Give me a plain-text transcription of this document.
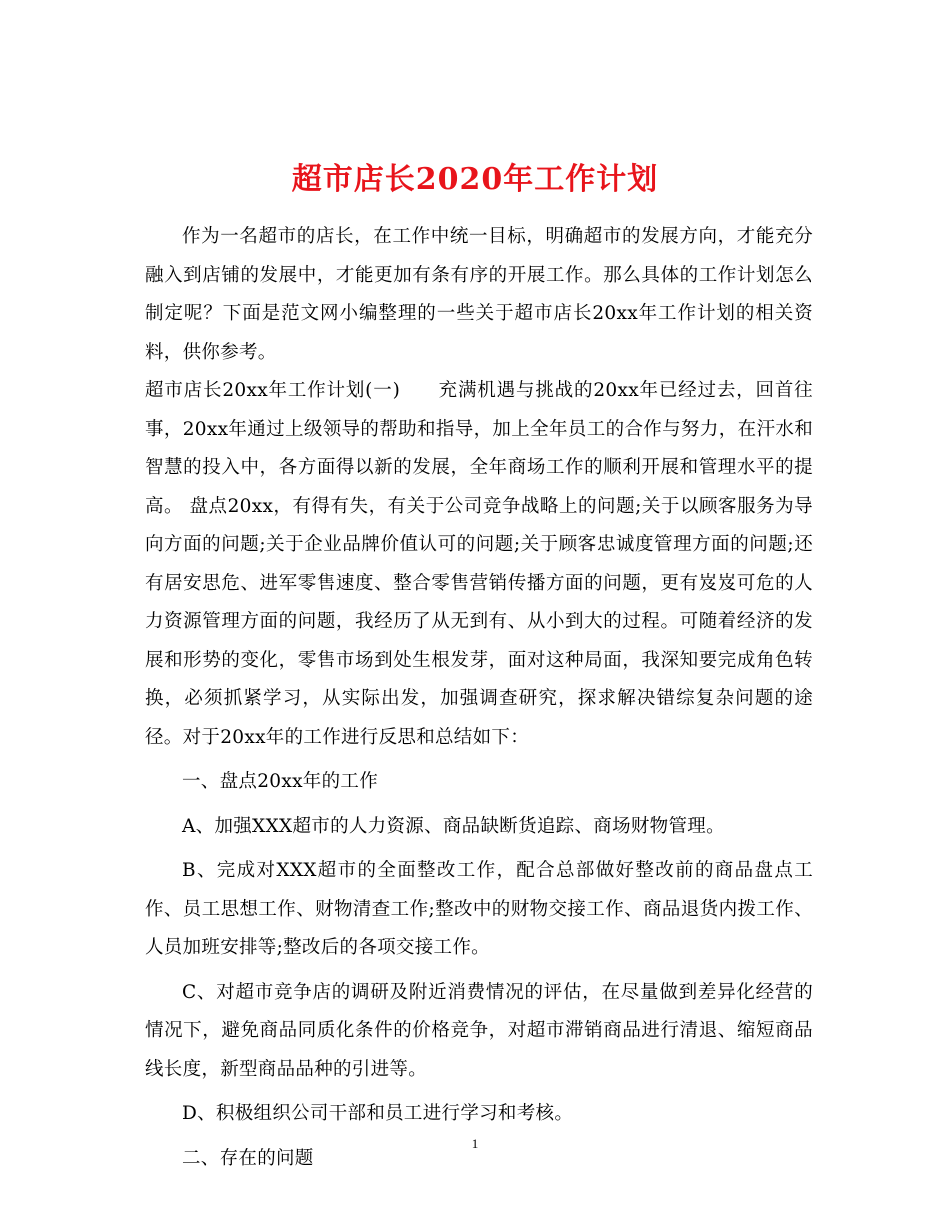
超市店长2020年工作计划

作为一名超市的店长，在工作中统一目标，明确超市的发展方向，才能充分融入到店铺的发展中，才能更加有条有序的开展工作。那么具体的工作计划怎么制定呢？下面是范文网小编整理的一些关于超市店长20xx年工作计划的相关资料，供你参考。

超市店长20xx年工作计划(一) 充满机遇与挑战的20xx年已经过去，回首往事，20xx年通过上级领导的帮助和指导，加上全年员工的合作与努力，在汗水和智慧的投入中，各方面得以新的发展，全年商场工作的顺利开展和管理水平的提高。 盘点20xx，有得有失，有关于公司竞争战略上的问题;关于以顾客服务为导向方面的问题;关于企业品牌价值认可的问题;关于顾客忠诚度管理方面的问题;还有居安思危、进军零售速度、整合零售营销传播方面的问题，更有岌岌可危的人力资源管理方面的问题，我经历了从无到有、从小到大的过程。可随着经济的发展和形势的变化，零售市场到处生根发芽，面对这种局面，我深知要完成角色转换，必须抓紧学习，从实际出发，加强调查研究，探求解决错综复杂问题的途径。对于20xx年的工作进行反思和总结如下：

一、盘点20xx年的工作

A、加强XXX超市的人力资源、商品缺断货追踪、商场财物管理。

B、完成对XXX超市的全面整改工作，配合总部做好整改前的商品盘点工作、员工思想工作、财物清查工作;整改中的财物交接工作、商品退货内拨工作、人员加班安排等;整改后的各项交接工作。

C、对超市竞争店的调研及附近消费情况的评估，在尽量做到差异化经营的情况下，避免商品同质化条件的价格竞争，对超市滞销商品进行清退、缩短商品线长度，新型商品品种的引进等。

D、积极组织公司干部和员工进行学习和考核。

二、存在的问题

1
